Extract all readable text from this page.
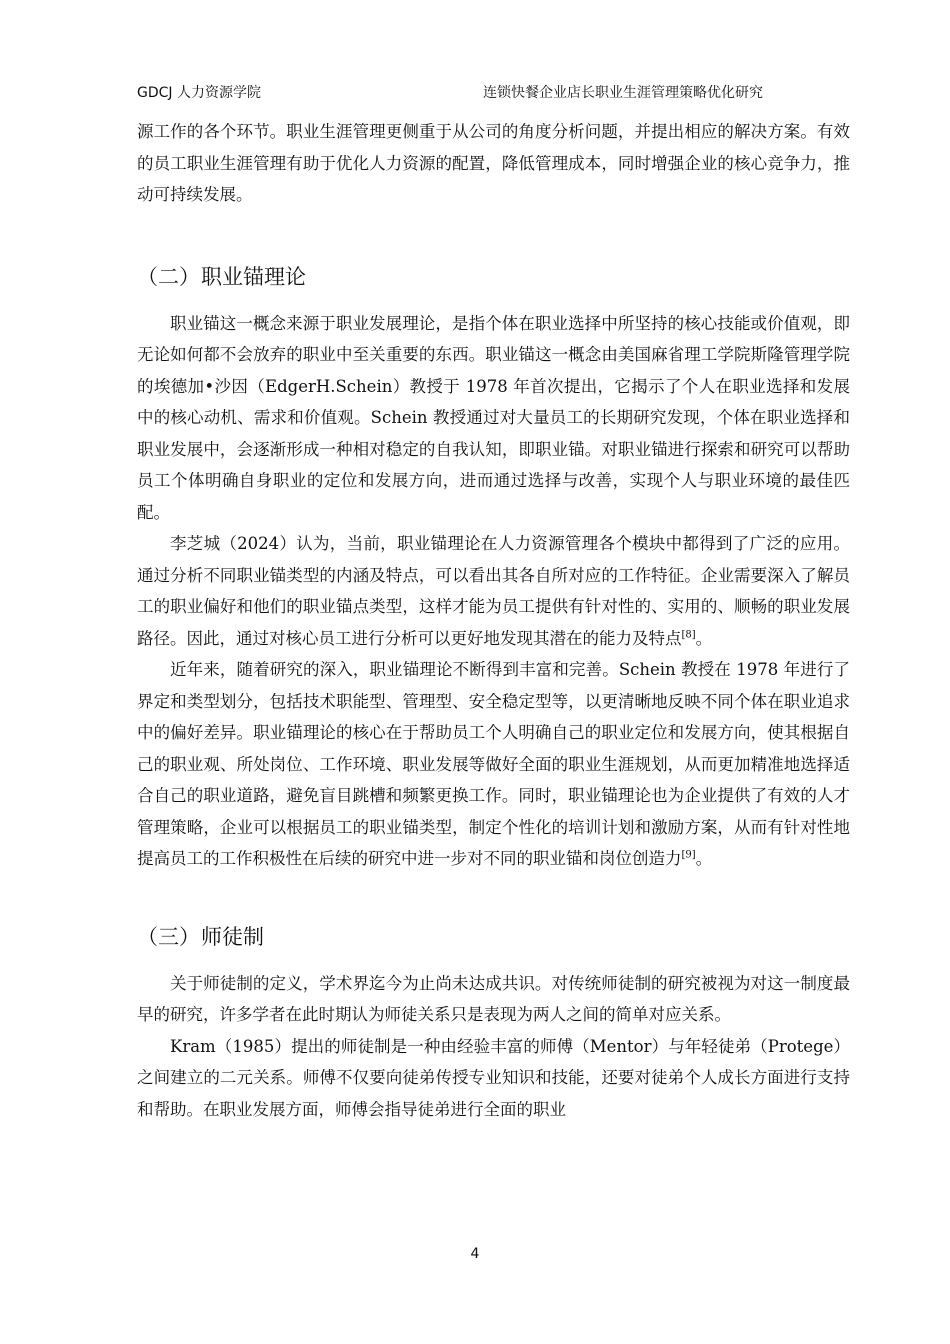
GDCJ 人力资源学院	连锁快餐企业店长职业生涯管理策略优化研究

源工作的各个环节。职业生涯管理更侧重于从公司的角度分析问题，并提出相应的解决方案。有效的员工职业生涯管理有助于优化人力资源的配置，降低管理成本，同时增强企业的核心竞争力，推动可持续发展。

（二）职业锚理论

职业锚这一概念来源于职业发展理论，是指个体在职业选择中所坚持的核心技能或价值观，即无论如何都不会放弃的职业中至关重要的东西。职业锚这一概念由美国麻省理工学院斯隆管理学院的埃德加•沙因（EdgerH.Schein）教授于 1978 年首次提出，它揭示了个人在职业选择和发展中的核心动机、需求和价值观。Schein 教授通过对大量员工的长期研究发现，个体在职业选择和职业发展中，会逐渐形成一种相对稳定的自我认知，即职业锚。对职业锚进行探索和研究可以帮助员工个体明确自身职业的定位和发展方向，进而通过选择与改善，实现个人与职业环境的最佳匹配。

李芝城（2024）认为，当前，职业锚理论在人力资源管理各个模块中都得到了广泛的应用。通过分析不同职业锚类型的内涵及特点，可以看出其各自所对应的工作特征。企业需要深入了解员工的职业偏好和他们的职业锚点类型，这样才能为员工提供有针对性的、实用的、顺畅的职业发展路径。因此，通过对核心员工进行分析可以更好地发现其潜在的能力及特点[8]。

近年来，随着研究的深入，职业锚理论不断得到丰富和完善。Schein 教授在 1978 年进行了界定和类型划分，包括技术职能型、管理型、安全稳定型等，以更清晰地反映不同个体在职业追求中的偏好差异。职业锚理论的核心在于帮助员工个人明确自己的职业定位和发展方向，使其根据自己的职业观、所处岗位、工作环境、职业发展等做好全面的职业生涯规划，从而更加精准地选择适合自己的职业道路，避免盲目跳槽和频繁更换工作。同时，职业锚理论也为企业提供了有效的人才管理策略，企业可以根据员工的职业锚类型，制定个性化的培训计划和激励方案，从而有针对性地提高员工的工作积极性在后续的研究中进一步对不同的职业锚和岗位创造力[9]。

（三）师徒制

关于师徒制的定义，学术界迄今为止尚未达成共识。对传统师徒制的研究被视为对这一制度最早的研究，许多学者在此时期认为师徒关系只是表现为两人之间的简单对应关系。

Kram（1985）提出的师徒制是一种由经验丰富的师傅（Mentor）与年轻徒弟（Protege）之间建立的二元关系。师傅不仅要向徒弟传授专业知识和技能，还要对徒弟个人成长方面进行支持和帮助。在职业发展方面，师傅会指导徒弟进行全面的职业

4
